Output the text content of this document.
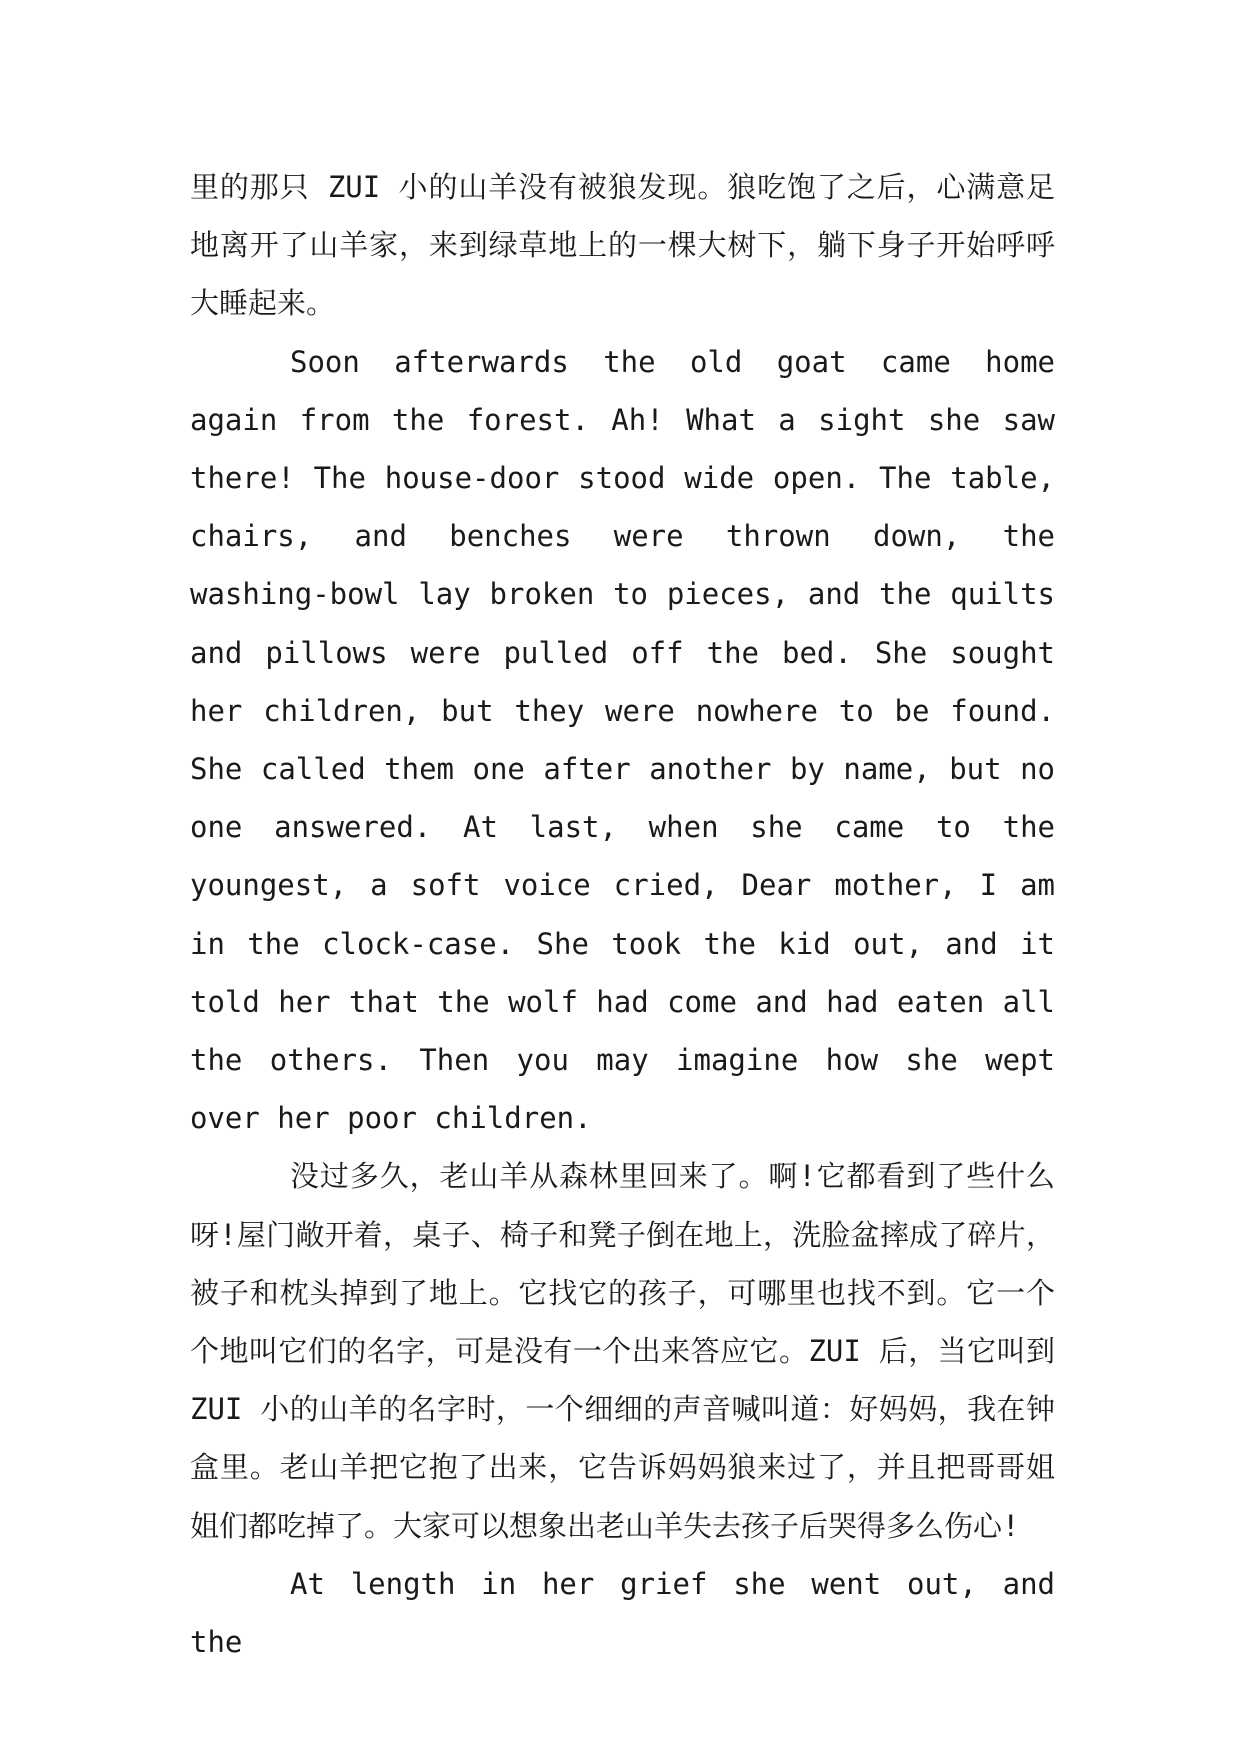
里的那只 ZUI 小的山羊没有被狼发现。狼吃饱了之后，心满意足地离开了山羊家，来到绿草地上的一棵大树下，躺下身子开始呼呼大睡起来。

Soon afterwards the old goat came home again from the forest. Ah! What a sight she saw there! The house-door stood wide open. The table, chairs, and benches were thrown down, the washing-bowl lay broken to pieces, and the quilts and pillows were pulled off the bed. She sought her children, but they were nowhere to be found. She called them one after another by name, but no one answered. At last, when she came to the youngest, a soft voice cried, Dear mother, I am in the clock-case. She took the kid out, and it told her that the wolf had come and had eaten all the others. Then you may imagine how she wept over her poor children.

没过多久，老山羊从森林里回来了。啊!它都看到了些什么呀!屋门敞开着，桌子、椅子和凳子倒在地上，洗脸盆摔成了碎片，被子和枕头掉到了地上。它找它的孩子，可哪里也找不到。它一个个地叫它们的名字，可是没有一个出来答应它。ZUI 后，当它叫到 ZUI 小的山羊的名字时，一个细细的声音喊叫道：好妈妈，我在钟盒里。老山羊把它抱了出来，它告诉妈妈狼来过了，并且把哥哥姐姐们都吃掉了。大家可以想象出老山羊失去孩子后哭得多么伤心!

At length in her grief she went out, and the
